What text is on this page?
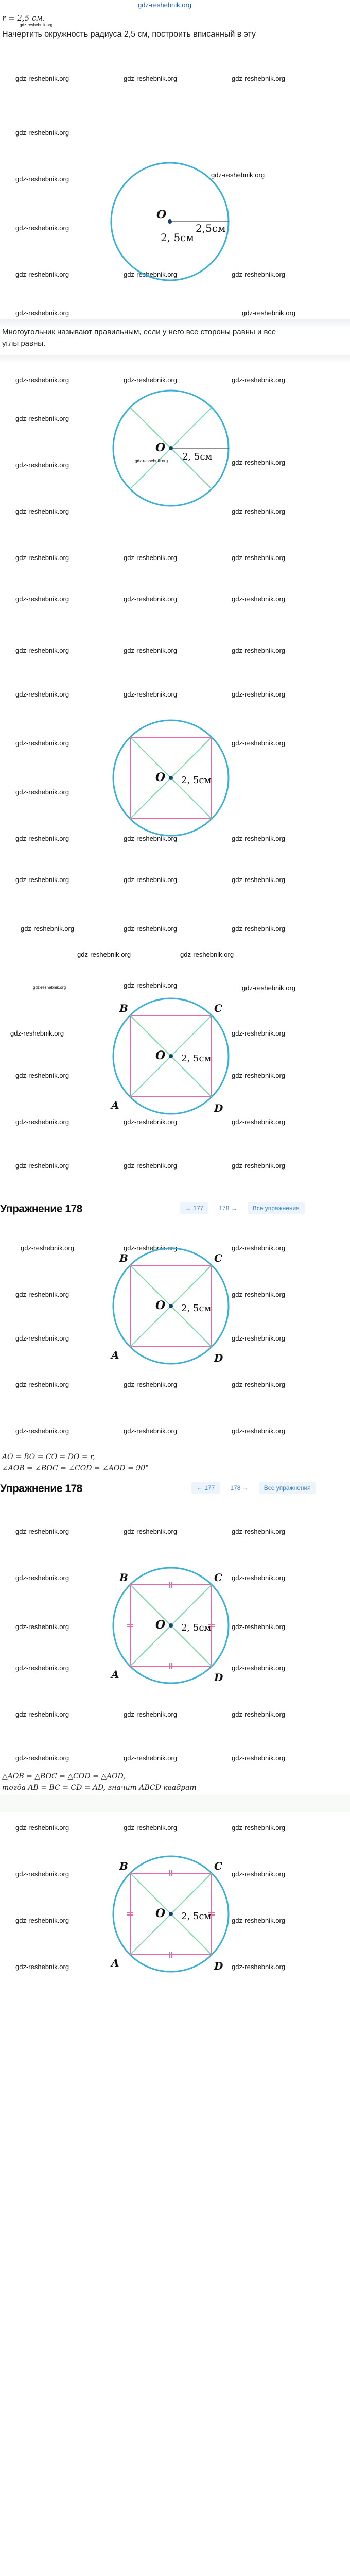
gdz-reshebnik.org
r = 2,5 см.
gdz-reshebnik.org
Начертить окружность радиуса 2,5 см, построить вписанный в эту
gdz-reshebnik.org	gdz-reshebnik.org	gdz-reshebnik.org
gdz-reshebnik.org
gdz-reshebnik.org
gdz-reshebnik.org
gdz-reshebnik.org
gdz-reshebnik.org
gdz-reshebnik.org	gdz-reshebnik.org
gdz-reshebnik.org
O
2,5см
2, 5см
gdz-reshebnik.org
Многоугольник называют правильным, если у него все стороны равны и все
углы равны.
gdz-reshebnik.org	gdz-reshebnik.org	gdz-reshebnik.org
gdz-reshebnik.org
gdz-reshebnik.org
gdz-reshebnik.org
gdz-reshebnik.org
gdz-reshebnik.org
gdz-reshebnik.org
gdz-reshebnik.org
gdz-reshebnik.org	gdz-reshebnik.org
gdz-reshebnik.org	gdz-reshebnik.org
O
2, 5см
gdz-reshebnik.org
gdz-reshebnik.org	gdz-reshebnik.org	gdz-reshebnik.org
gdz-reshebnik.org	gdz-reshebnik.org	gdz-reshebnik.org
gdz-reshebnik.org	gdz-reshebnik.org
gdz-reshebnik.org
gdz-reshebnik.org	gdz-reshebnik.org	gdz-reshebnik.org
gdz-reshebnik.org	gdz-reshebnik.org	gdz-reshebnik.org
O 2, 5см
gdz-reshebnik.org	gdz-reshebnik.org	gdz-reshebnik.org
gdz-reshebnik.org	gdz-reshebnik.org
gdz-reshebnik.org	gdz-reshebnik.org	gdz-reshebnik.org
gdz-reshebnik.org	gdz-reshebnik.org
gdz-reshebnik.org	gdz-reshebnik.org
gdz-reshebnik.org	gdz-reshebnik.org	gdz-reshebnik.org
gdz-reshebnik.org	gdz-reshebnik.org	gdz-reshebnik.org
O 2, 5см
B	C
A	D
Упражнение 178	← 177	178 →	Все упражнения
gdz-reshebnik.org	gdz-reshebnik.org	gdz-reshebnik.org
gdz-reshebnik.org	gdz-reshebnik.org
gdz-reshebnik.org	gdz-reshebnik.org
gdz-reshebnik.org	gdz-reshebnik.org	gdz-reshebnik.org
gdz-reshebnik.org	gdz-reshebnik.org	gdz-reshebnik.org
O 2, 5см
B	C
A	D
AO = BO = CO = DO = r,
∠AOB = ∠BOC = ∠COD = ∠AOD = 90°
Упражнение 178	← 177	178 →	Все упражнения
gdz-reshebnik.org	gdz-reshebnik.org	gdz-reshebnik.org
gdz-reshebnik.org	gdz-reshebnik.org
gdz-reshebnik.org	gdz-reshebnik.org
gdz-reshebnik.org	gdz-reshebnik.org
gdz-reshebnik.org	gdz-reshebnik.org	gdz-reshebnik.org
gdz-reshebnik.org	gdz-reshebnik.org	gdz-reshebnik.org
O 2, 5см
B	C
A	D
△AOB = △BOC = △COD = △AOD,
тогда AB = BC = CD = AD, значит ABCD квадрат
gdz-reshebnik.org	gdz-reshebnik.org	gdz-reshebnik.org
gdz-reshebnik.org	gdz-reshebnik.org
gdz-reshebnik.org	gdz-reshebnik.org
gdz-reshebnik.org	gdz-reshebnik.org
O 2, 5см
B	C
A	D
